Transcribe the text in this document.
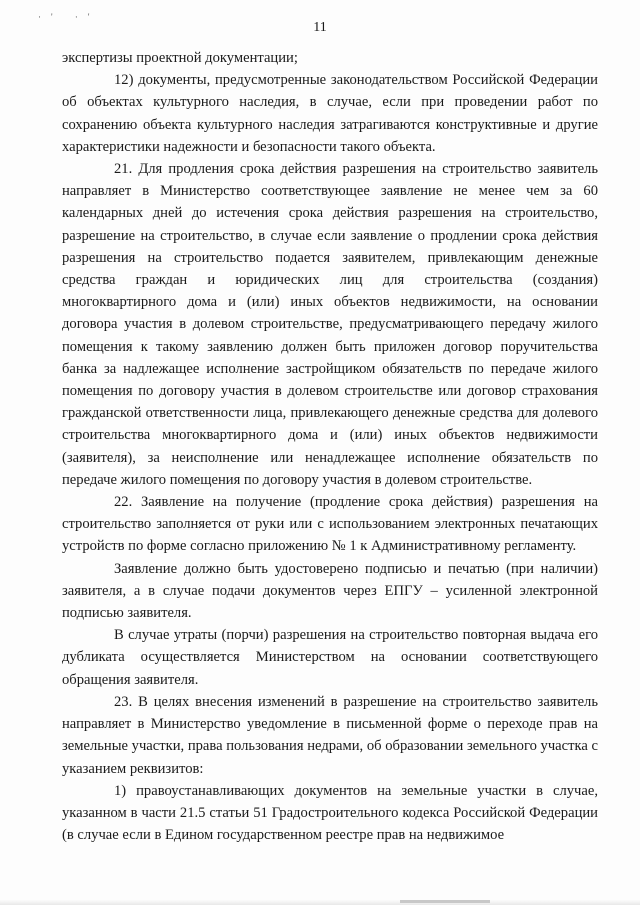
·' ·'
11

экспертизы проектной документации;

12) документы, предусмотренные законодательством Российской Федерации об объектах культурного наследия, в случае, если при проведении работ по сохранению объекта культурного наследия затрагиваются конструктивные и другие характеристики надежности и безопасности такого объекта.

21. Для продления срока действия разрешения на строительство заявитель направляет в Министерство соответствующее заявление не менее чем за 60 календарных дней до истечения срока действия разрешения на строительство, разрешение на строительство, в случае если заявление о продлении срока действия разрешения на строительство подается заявителем, привлекающим денежные средства граждан и юридических лиц для строительства (создания) многоквартирного дома и (или) иных объектов недвижимости, на основании договора участия в долевом строительстве, предусматривающего передачу жилого помещения к такому заявлению должен быть приложен договор поручительства банка за надлежащее исполнение застройщиком обязательств по передаче жилого помещения по договору участия в долевом строительстве или договор страхования гражданской ответственности лица, привлекающего денежные средства для долевого строительства многоквартирного дома и (или) иных объектов недвижимости (заявителя), за неисполнение или ненадлежащее исполнение обязательств по передаче жилого помещения по договору участия в долевом строительстве.

22. Заявление на получение (продление срока действия) разрешения на строительство заполняется от руки или с использованием электронных печатающих устройств по форме согласно приложению № 1 к Административному регламенту.

Заявление должно быть удостоверено подписью и печатью (при наличии) заявителя, а в случае подачи документов через ЕПГУ – усиленной электронной подписью заявителя.

В случае утраты (порчи) разрешения на строительство повторная выдача его дубликата осуществляется Министерством на основании соответствующего обращения заявителя.

23. В целях внесения изменений в разрешение на строительство заявитель направляет в Министерство уведомление в письменной форме о переходе прав на земельные участки, права пользования недрами, об образовании земельного участка с указанием реквизитов:

1) правоустанавливающих документов на земельные участки в случае, указанном в части 21.5 статьи 51 Градостроительного кодекса Российской Федерации (в случае если в Едином государственном реестре прав на недвижимое
